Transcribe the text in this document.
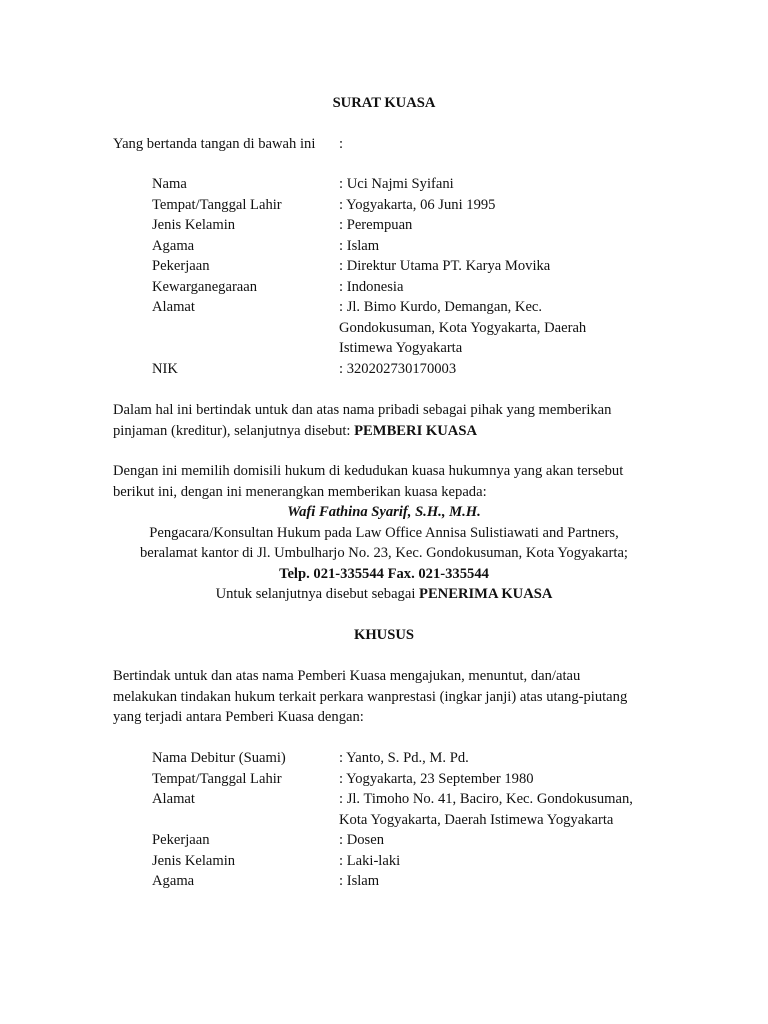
SURAT KUASA
Yang bertanda tangan di bawah ini :
Nama	: Uci Najmi Syifani
Tempat/Tanggal Lahir	: Yogyakarta, 06 Juni 1995
Jenis Kelamin	: Perempuan
Agama	: Islam
Pekerjaan	: Direktur Utama PT. Karya Movika
Kewarganegaraan	: Indonesia
Alamat	: Jl. Bimo Kurdo, Demangan, Kec.
Gondokusuman, Kota Yogyakarta, Daerah
Istimewa Yogyakarta
NIK	: 320202730170003
Dalam hal ini bertindak untuk dan atas nama pribadi sebagai pihak yang memberikan
pinjaman (kreditur), selanjutnya disebut: PEMBERI KUASA
Dengan ini memilih domisili hukum di kedudukan kuasa hukumnya yang akan tersebut
berikut ini, dengan ini menerangkan memberikan kuasa kepada:
Wafi Fathina Syarif, S.H., M.H.
Pengacara/Konsultan Hukum pada Law Office Annisa Sulistiawati and Partners,
beralamat kantor di Jl. Umbulharjo No. 23, Kec. Gondokusuman, Kota Yogyakarta;
Telp. 021-335544 Fax. 021-335544
Untuk selanjutnya disebut sebagai PENERIMA KUASA
KHUSUS
Bertindak untuk dan atas nama Pemberi Kuasa mengajukan, menuntut, dan/atau
melakukan tindakan hukum terkait perkara wanprestasi (ingkar janji) atas utang-piutang
yang terjadi antara Pemberi Kuasa dengan:
Nama Debitur (Suami)	: Yanto, S. Pd., M. Pd.
Tempat/Tanggal Lahir	: Yogyakarta, 23 September 1980
Alamat	: Jl. Timoho No. 41, Baciro, Kec. Gondokusuman,
Kota Yogyakarta, Daerah Istimewa Yogyakarta
Pekerjaan	: Dosen
Jenis Kelamin	: Laki-laki
Agama	: Islam
